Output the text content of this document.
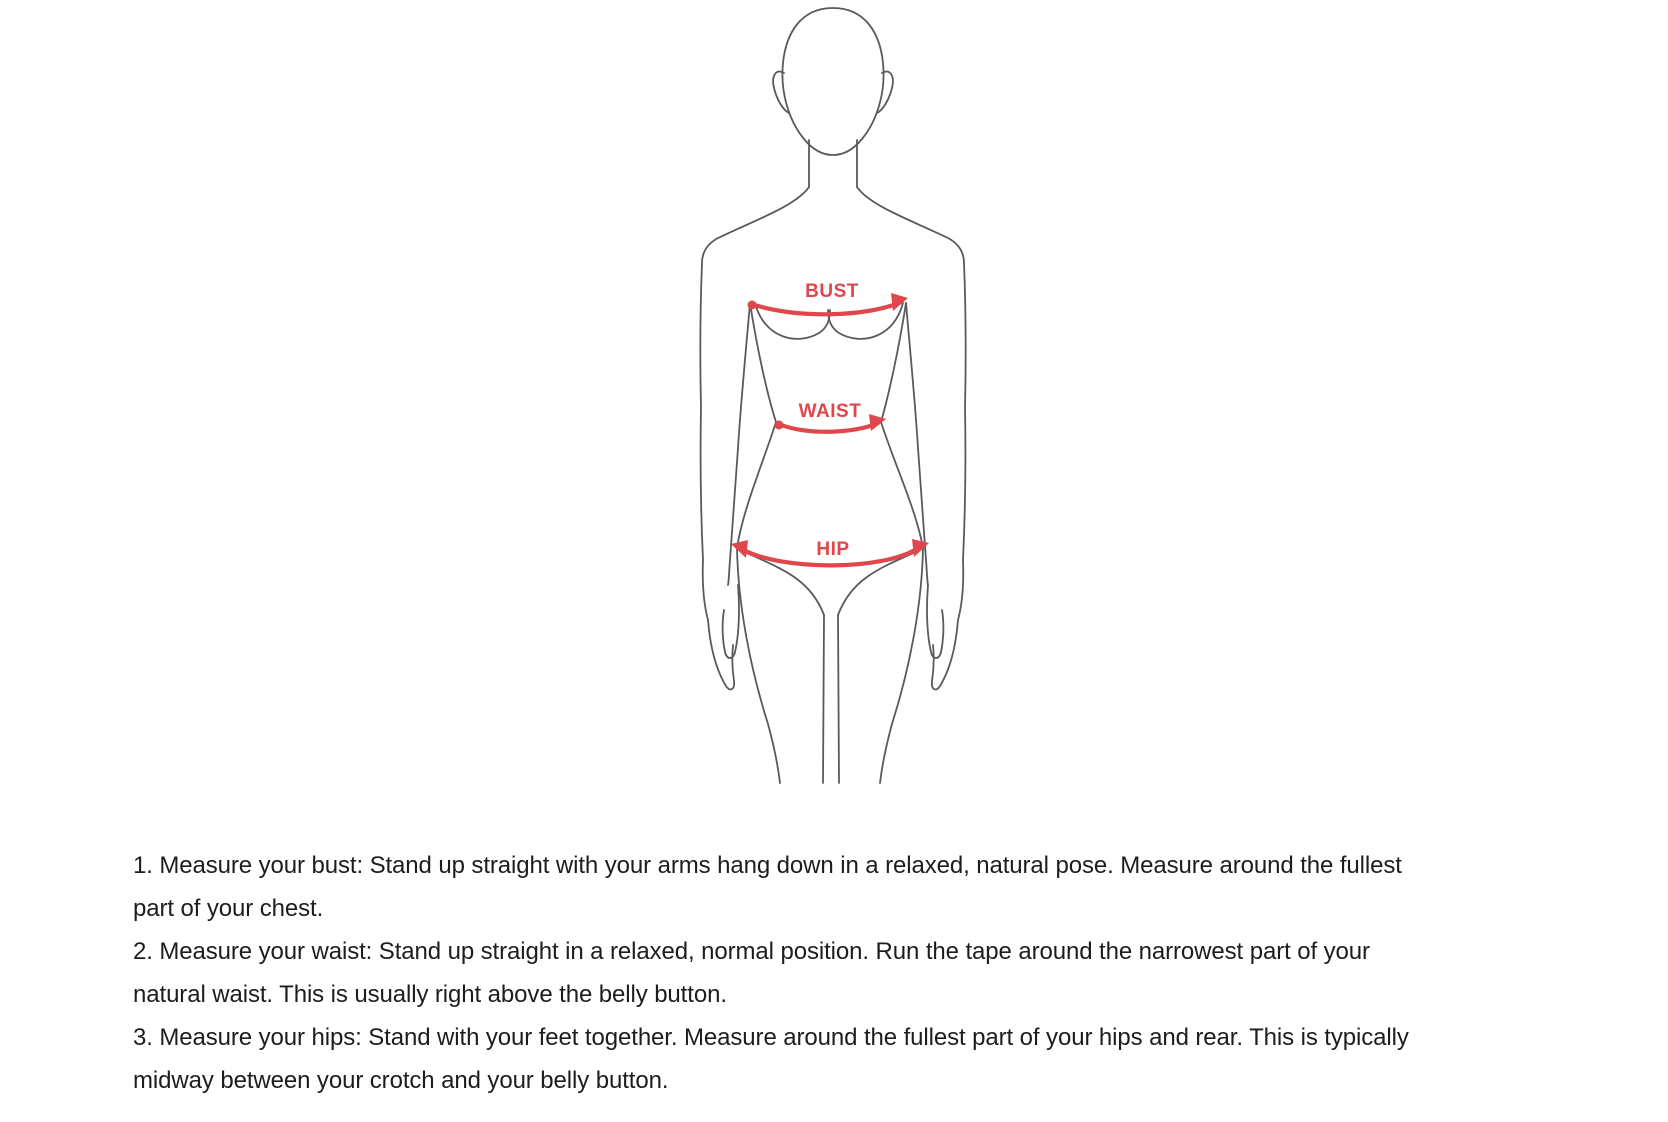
BUST
WAIST
HIP
1. Measure your bust: Stand up straight with your arms hang down in a relaxed, natural pose. Measure around the fullest
part of your chest.
2. Measure your waist: Stand up straight in a relaxed, normal position. Run the tape around the narrowest part of your
natural waist. This is usually right above the belly button.
3. Measure your hips: Stand with your feet together. Measure around the fullest part of your hips and rear. This is typically
midway between your crotch and your belly button.
